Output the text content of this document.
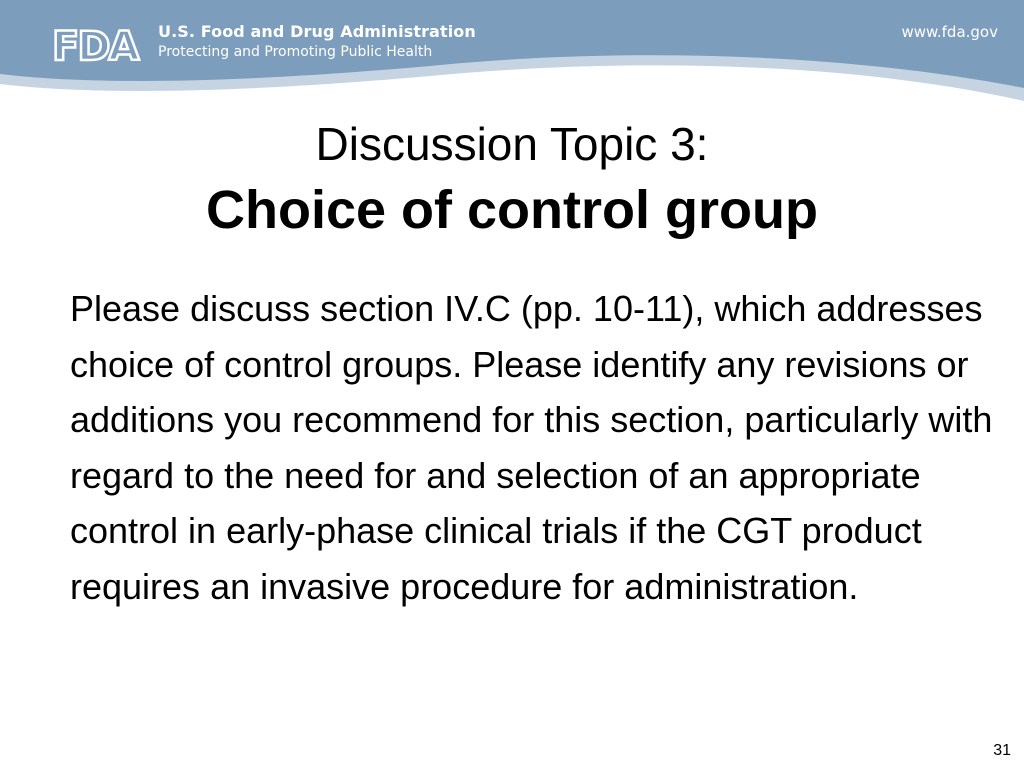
FDA U.S. Food and Drug Administration
Protecting and Promoting Public Health
www.fda.gov
Discussion Topic 3:
Choice of control group

Please discuss section IV.C (pp. 10-11), which addresses choice of control groups. Please identify any revisions or additions you recommend for this section, particularly with regard to the need for and selection of an appropriate control in early-phase clinical trials if the CGT product requires an invasive procedure for administration.

31
